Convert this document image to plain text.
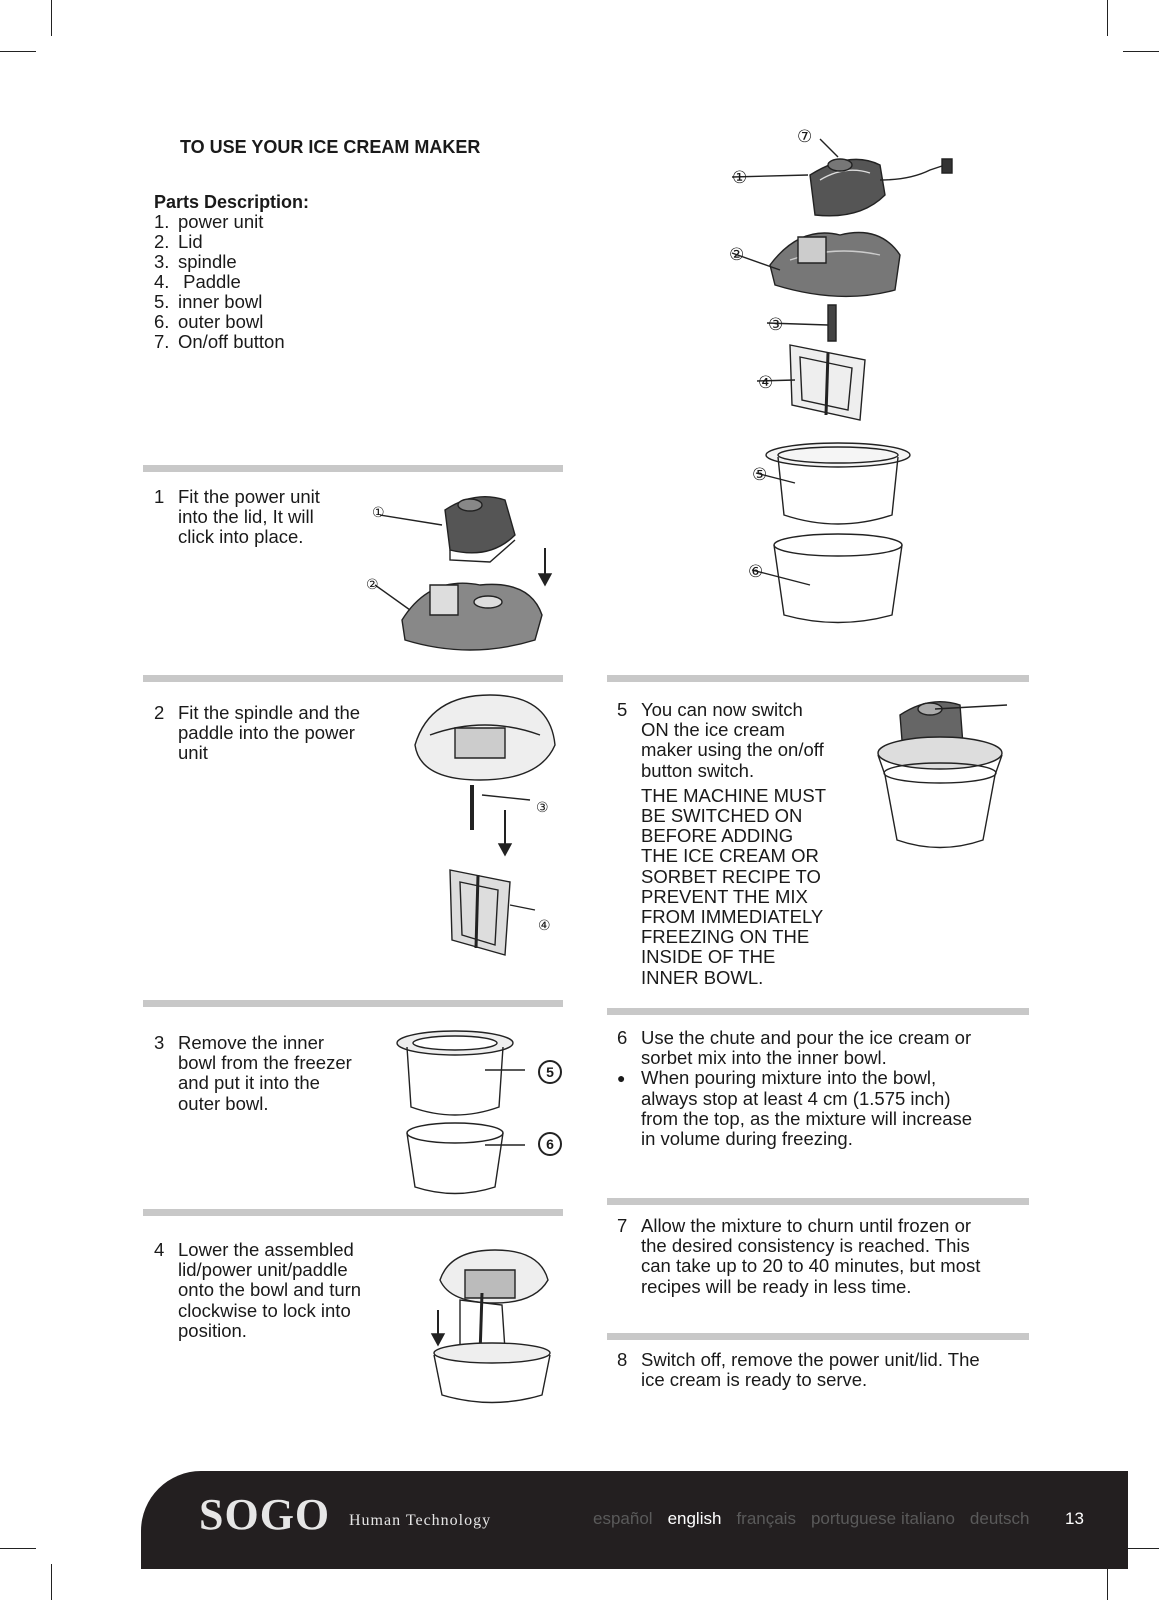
TO USE YOUR ICE CREAM MAKER
Parts Description:
1. power unit
2. Lid
3. spindle
4. Paddle
5. inner bowl
6. outer bowl
7. On/off button
⑦
①
②
③
④
⑤
⑥
1 Fit the power unit
into the lid, It will
click into place.
①
②
2 Fit the spindle and the
paddle into the power
unit
③
④
3 Remove the inner
bowl from the freezer
and put it into the
outer bowl.
5
6
4 Lower the assembled
lid/power unit/paddle
onto the bowl and turn
clockwise to lock into
position.
5 You can now switch
ON the ice cream
maker using the on/off
button switch.
THE MACHINE MUST
BE SWITCHED ON
BEFORE ADDING
THE ICE CREAM OR
SORBET RECIPE TO
PREVENT THE MIX
FROM IMMEDIATELY
FREEZING ON THE
INSIDE OF THE
INNER BOWL.
6 Use the chute and pour the ice cream or
sorbet mix into the inner bowl.
● When pouring mixture into the bowl,
always stop at least 4 cm (1.575 inch)
from the top, as the mixture will increase
in volume during freezing.
7 Allow the mixture to churn until frozen or
the desired consistency is reached. This
can take up to 20 to 40 minutes, but most
recipes will be ready in less time.
8 Switch off, remove the power unit/lid. The
ice cream is ready to serve.
SOGO Human Technology	español english français portuguese italiano deutsch 13
